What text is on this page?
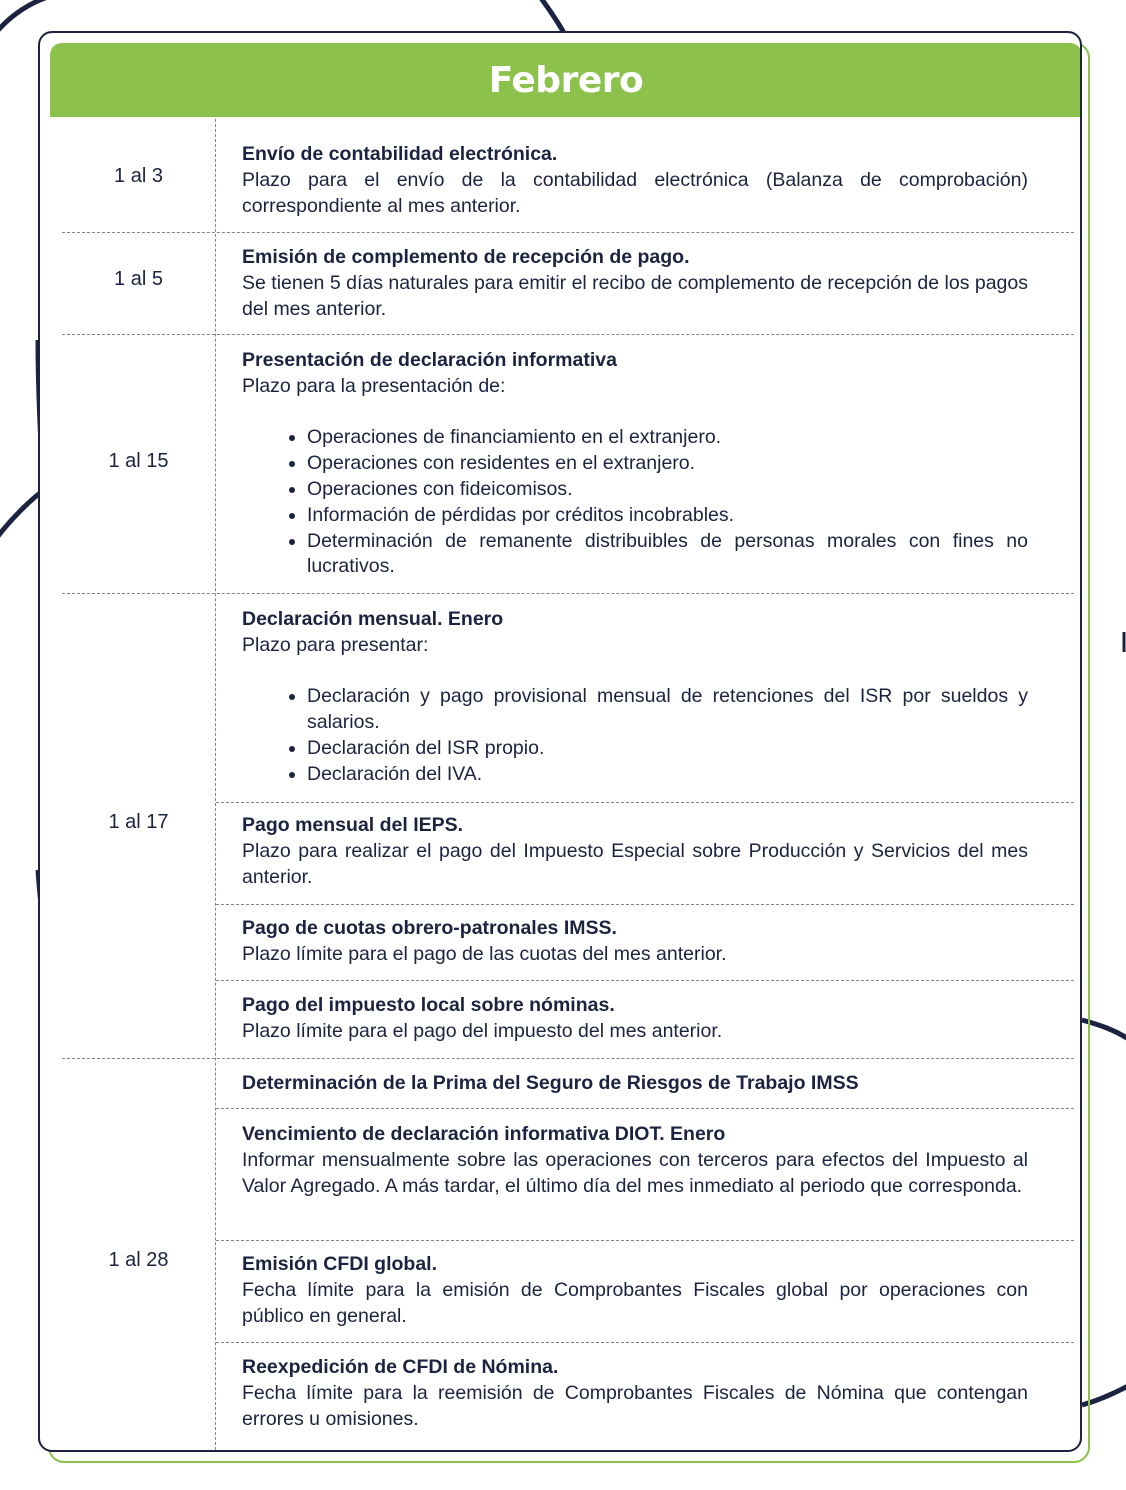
Febrero
1 al 3
Envío de contabilidad electrónica.
Plazo para el envío de la contabilidad electrónica (Balanza de comprobación) correspondiente al mes anterior.
1 al 5
Emisión de complemento de recepción de pago.
Se tienen 5 días naturales para emitir el recibo de complemento de recepción de los pagos del mes anterior.
1 al 15
Presentación de declaración informativa
Plazo para la presentación de:
• Operaciones de financiamiento en el extranjero.
• Operaciones con residentes en el extranjero.
• Operaciones con fideicomisos.
• Información de pérdidas por créditos incobrables.
• Determinación de remanente distribuibles de personas morales con fines no lucrativos.
1 al 17
Declaración mensual. Enero
Plazo para presentar:
• Declaración y pago provisional mensual de retenciones del ISR por sueldos y salarios.
• Declaración del ISR propio.
• Declaración del IVA.
Pago mensual del IEPS.
Plazo para realizar el pago del Impuesto Especial sobre Producción y Servicios del mes anterior.
Pago de cuotas obrero-patronales IMSS.
Plazo límite para el pago de las cuotas del mes anterior.
Pago del impuesto local sobre nóminas.
Plazo límite para el pago del impuesto del mes anterior.
1 al 28
Determinación de la Prima del Seguro de Riesgos de Trabajo IMSS
Vencimiento de declaración informativa DIOT. Enero
Informar mensualmente sobre las operaciones con terceros para efectos del Impuesto al Valor Agregado. A más tardar, el último día del mes inmediato al periodo que corresponda.
Emisión CFDI global.
Fecha límite para la emisión de Comprobantes Fiscales global por operaciones con público en general.
Reexpedición de CFDI de Nómina.
Fecha límite para la reemisión de Comprobantes Fiscales de Nómina que contengan errores u omisiones.
